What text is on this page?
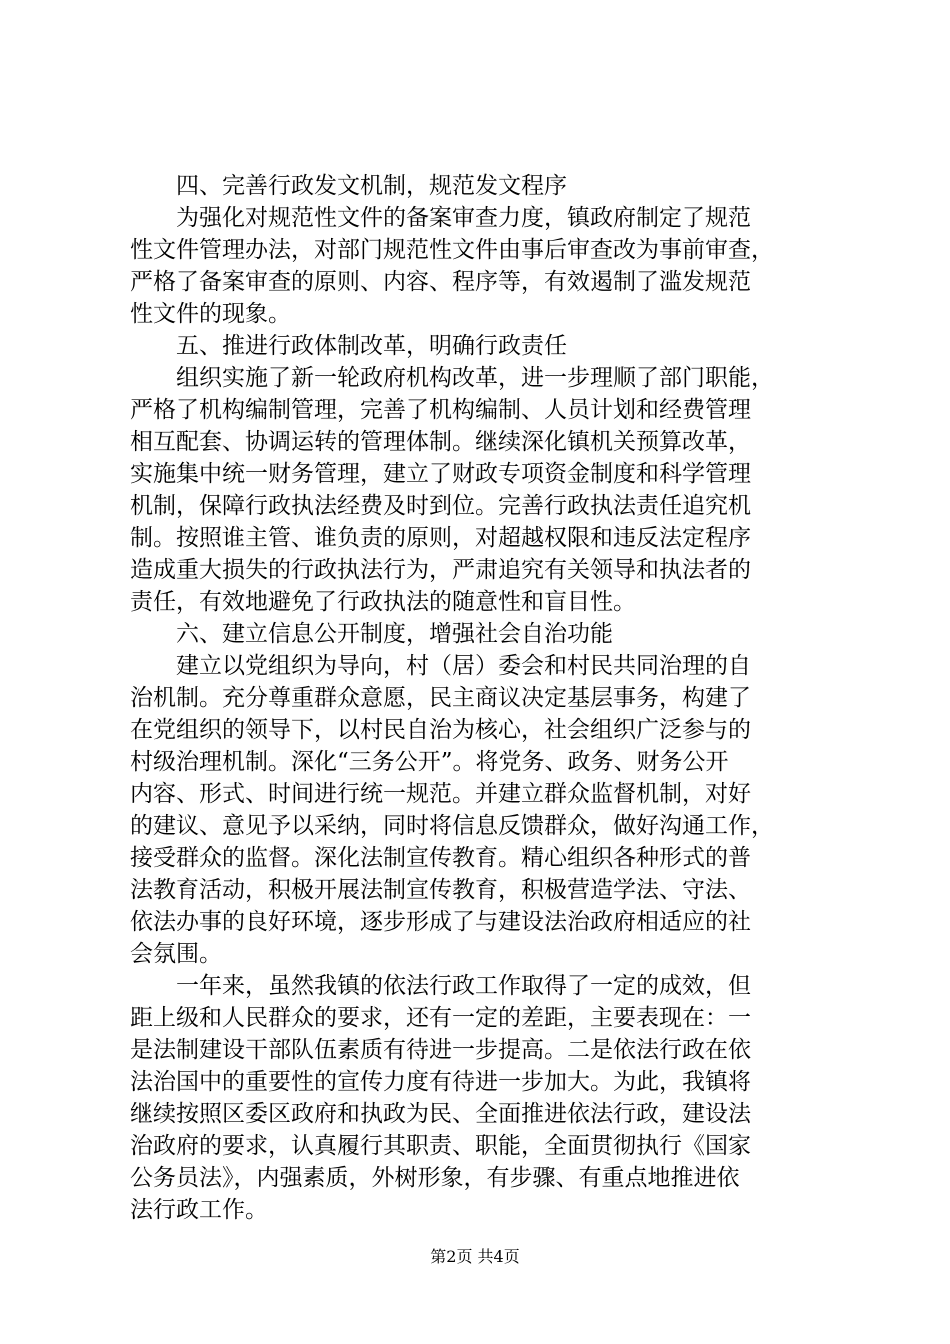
四、完善行政发文机制，规范发文程序
为强化对规范性文件的备案审查力度，镇政府制定了规范
性文件管理办法，对部门规范性文件由事后审查改为事前审查，
严格了备案审查的原则、内容、程序等，有效遏制了滥发规范
性文件的现象。
五、推进行政体制改革，明确行政责任
组织实施了新一轮政府机构改革，进一步理顺了部门职能，
严格了机构编制管理，完善了机构编制、人员计划和经费管理
相互配套、协调运转的管理体制。继续深化镇机关预算改革，
实施集中统一财务管理，建立了财政专项资金制度和科学管理
机制，保障行政执法经费及时到位。完善行政执法责任追究机
制。按照谁主管、谁负责的原则，对超越权限和违反法定程序
造成重大损失的行政执法行为，严肃追究有关领导和执法者的
责任，有效地避免了行政执法的随意性和盲目性。
六、建立信息公开制度，增强社会自治功能
建立以党组织为导向，村（居）委会和村民共同治理的自
治机制。充分尊重群众意愿，民主商议决定基层事务，构建了
在党组织的领导下，以村民自治为核心，社会组织广泛参与的
村级治理机制。深化“三务公开”。将党务、政务、财务公开
内容、形式、时间进行统一规范。并建立群众监督机制，对好
的建议、意见予以采纳，同时将信息反馈群众，做好沟通工作，
接受群众的监督。深化法制宣传教育。精心组织各种形式的普
法教育活动，积极开展法制宣传教育，积极营造学法、守法、
依法办事的良好环境，逐步形成了与建设法治政府相适应的社
会氛围。
一年来，虽然我镇的依法行政工作取得了一定的成效，但
距上级和人民群众的要求，还有一定的差距，主要表现在：一
是法制建设干部队伍素质有待进一步提高。二是依法行政在依
法治国中的重要性的宣传力度有待进一步加大。为此，我镇将
继续按照区委区政府和执政为民、全面推进依法行政，建设法
治政府的要求，认真履行其职责、职能，全面贯彻执行《国家
公务员法》，内强素质，外树形象，有步骤、有重点地推进依
法行政工作。
第2页 共4页
